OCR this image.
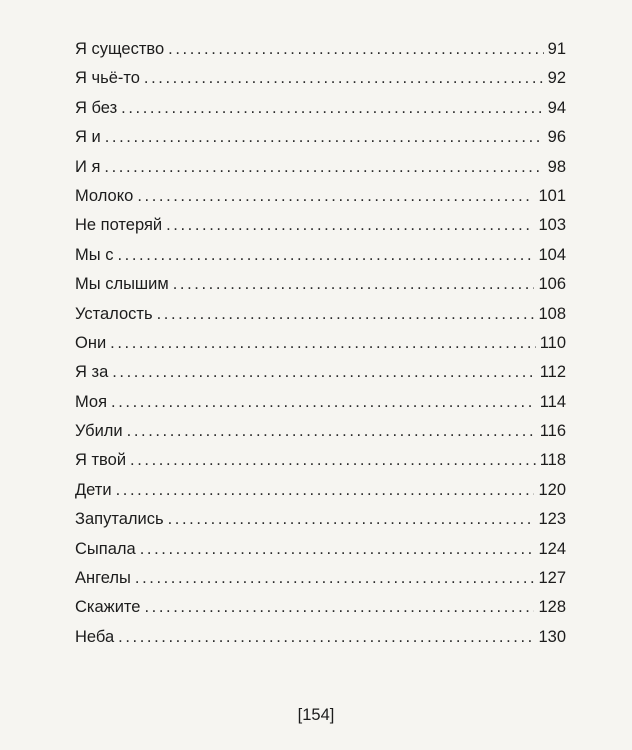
Я существо .....	91
Я чьё-то .....	92
Я без .....	94
Я и .....	96
И я .....	98
Молоко .....	101
Не потеряй .....	103
Мы с .....	104
Мы слышим .....	106
Усталость .....	108
Они .....	110
Я за .....	112
Моя .....	114
Убили .....	116
Я твой .....	118
Дети .....	120
Запутались .....	123
Сыпала .....	124
Ангелы .....	127
Скажите .....	128
Неба .....	130
[154]
